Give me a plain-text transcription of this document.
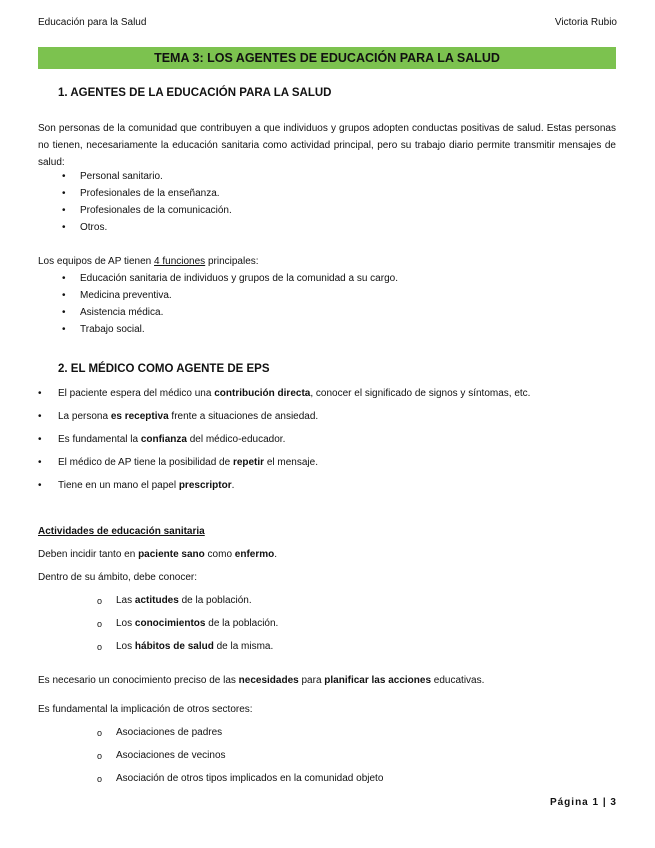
Educación para la Salud	Victoria Rubio
TEMA 3: LOS AGENTES DE EDUCACIÓN PARA LA SALUD
1. AGENTES DE LA EDUCACIÓN PARA LA SALUD
Son personas de la comunidad que contribuyen a que individuos y grupos adopten conductas positivas de salud. Estas personas no tienen, necesariamente la educación sanitaria como actividad principal, pero su trabajo diario permite transmitir mensajes de salud:
• Personal sanitario.
• Profesionales de la enseñanza.
• Profesionales de la comunicación.
• Otros.
Los equipos de AP tienen 4 funciones principales:
• Educación sanitaria de individuos y grupos de la comunidad a su cargo.
• Medicina preventiva.
• Asistencia médica.
• Trabajo social.
2. EL MÉDICO COMO AGENTE DE EPS
• El paciente espera del médico una contribución directa, conocer el significado de signos y síntomas, etc.
• La persona es receptiva frente a situaciones de ansiedad.
• Es fundamental la confianza del médico-educador.
• El médico de AP tiene la posibilidad de repetir el mensaje.
• Tiene en un mano el papel prescriptor.
Actividades de educación sanitaria
Deben incidir tanto en paciente sano como enfermo.
Dentro de su ámbito, debe conocer:
o Las actitudes de la población.
o Los conocimientos de la población.
o Los hábitos de salud de la misma.
Es necesario un conocimiento preciso de las necesidades para planificar las acciones educativas.
Es fundamental la implicación de otros sectores:
o Asociaciones de padres
o Asociaciones de vecinos
o Asociación de otros tipos implicados en la comunidad objeto
Página 1 | 3
